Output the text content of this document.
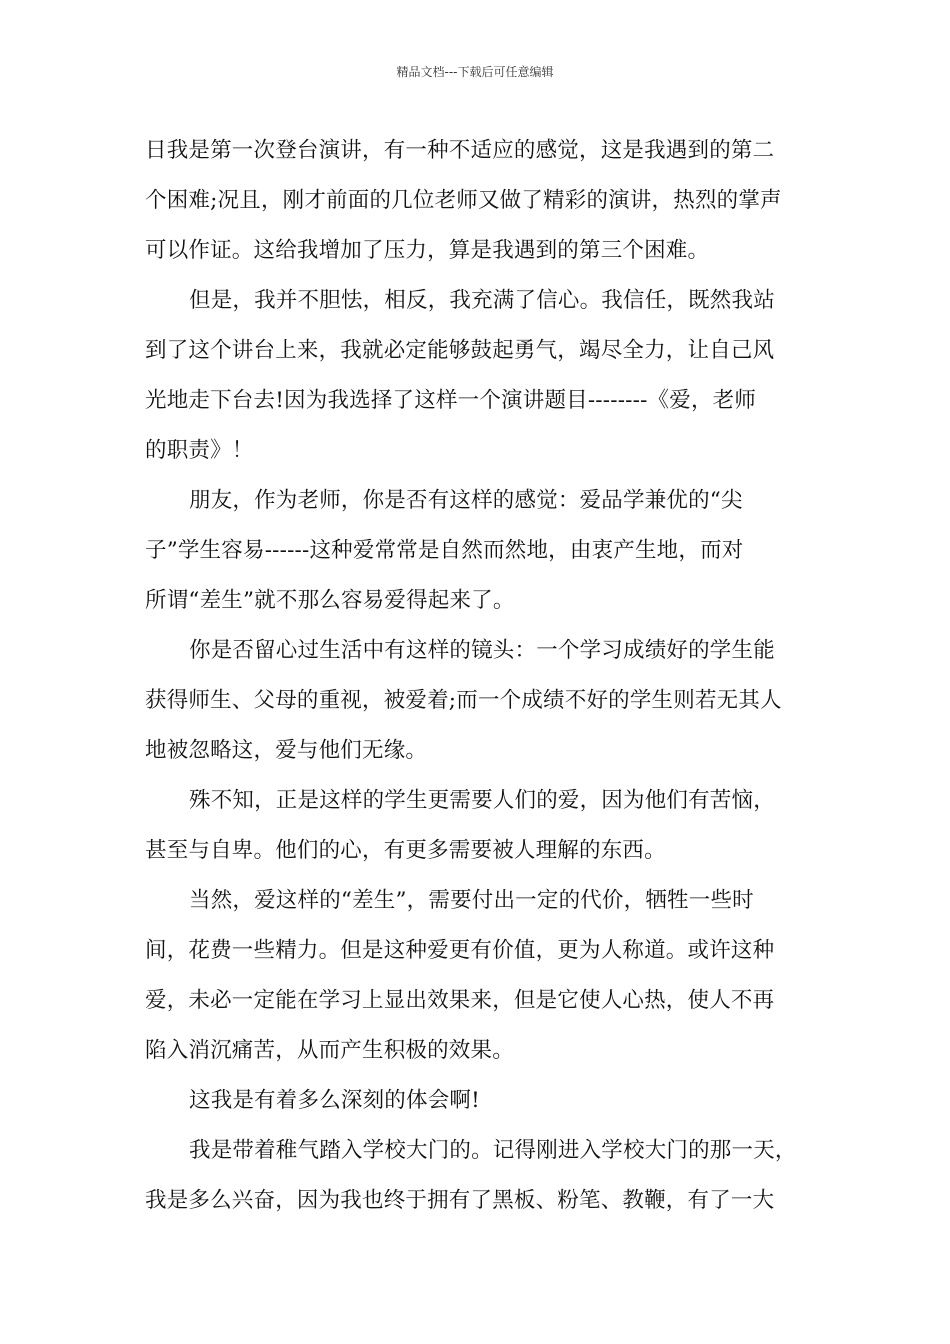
精品文档---下载后可任意编辑
日我是第一次登台演讲，有一种不适应的感觉，这是我遇到的第二
个困难;况且，刚才前面的几位老师又做了精彩的演讲，热烈的掌声
可以作证。这给我增加了压力，算是我遇到的第三个困难。
但是，我并不胆怯，相反，我充满了信心。我信任，既然我站
到了这个讲台上来，我就必定能够鼓起勇气，竭尽全力，让自己风
光地走下台去!因为我选择了这样一个演讲题目--------《爱，老师
的职责》！
朋友，作为老师，你是否有这样的感觉：爱品学兼优的“尖
子”学生容易------这种爱常常是自然而然地，由衷产生地，而对
所谓“差生”就不那么容易爱得起来了。
你是否留心过生活中有这样的镜头：一个学习成绩好的学生能
获得师生、父母的重视，被爱着;而一个成绩不好的学生则若无其人
地被忽略这，爱与他们无缘。
殊不知，正是这样的学生更需要人们的爱，因为他们有苦恼，
甚至与自卑。他们的心，有更多需要被人理解的东西。
当然，爱这样的“差生”，需要付出一定的代价，牺牲一些时
间，花费一些精力。但是这种爱更有价值，更为人称道。或许这种
爱，未必一定能在学习上显出效果来，但是它使人心热，使人不再
陷入消沉痛苦，从而产生积极的效果。
这我是有着多么深刻的体会啊!
我是带着稚气踏入学校大门的。记得刚进入学校大门的那一天，
我是多么兴奋，因为我也终于拥有了黑板、粉笔、教鞭，有了一大
